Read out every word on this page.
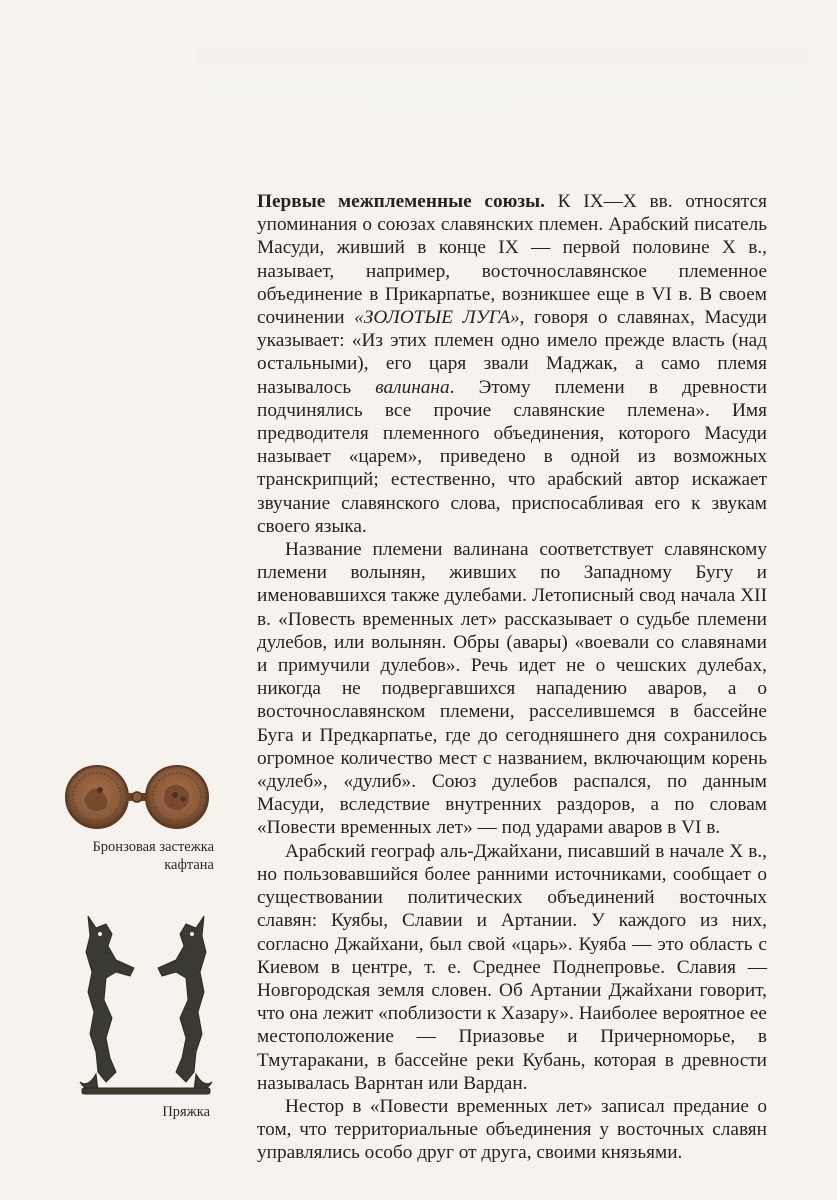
Первые межплеменные союзы. К IX—X вв. относятся упоминания о союзах славянских племен. Арабский писатель Масуди, живший в конце IX — первой половине X в., называет, например, восточнославянское племенное объединение в Прикарпатье, возникшее еще в VI в. В своем сочинении «ЗОЛОТЫЕ ЛУГА», говоря о славянах, Масуди указывает: «Из этих племен одно имело прежде власть (над остальными), его царя звали Маджак, а само племя называлось валинана. Этому племени в древности подчинялись все прочие славянские племена». Имя предводителя племенного объединения, которого Масуди называет «царем», приведено в одной из возможных транскрипций; естественно, что арабский автор искажает звучание славянского слова, приспосабливая его к звукам своего языка.

Название племени валинана соответствует славянскому племени волынян, живших по Западному Бугу и именовавшихся также дулебами. Летописный свод начала XII в. «Повесть временных лет» рассказывает о судьбе племени дулебов, или волынян. Обры (авары) «воевали со славянами и примучили дулебов». Речь идет не о чешских дулебах, никогда не подвергавшихся нападению аваров, а о восточнославянском племени, расселившемся в бассейне Буга и Предкарпатье, где до сегодняшнего дня сохранилось огромное количество мест с названием, включающим корень «дулеб», «дулиб». Союз дулебов распался, по данным Масуди, вследствие внутренних раздоров, а по словам «Повести временных лет» — под ударами аваров в VI в.

Арабский географ аль-Джайхани, писавший в начале X в., но пользовавшийся более ранними источниками, сообщает о существовании политических объединений восточных славян: Куябы, Славии и Артании. У каждого из них, согласно Джайхани, был свой «царь». Куяба — это область с Киевом в центре, т. е. Среднее Поднепровье. Славия — Новгородская земля словен. Об Артании Джайхани говорит, что она лежит «поблизости к Хазару». Наиболее вероятное ее местоположение — Приазовье и Причерноморье, в Тмутаракани, в бассейне реки Кубань, которая в древности называлась Варнтан или Вардан.

Нестор в «Повести временных лет» записал предание о том, что территориальные объединения у восточных славян управлялись особо друг от друга, своими князьями.

Бронзовая застежка кафтана
Пряжка
